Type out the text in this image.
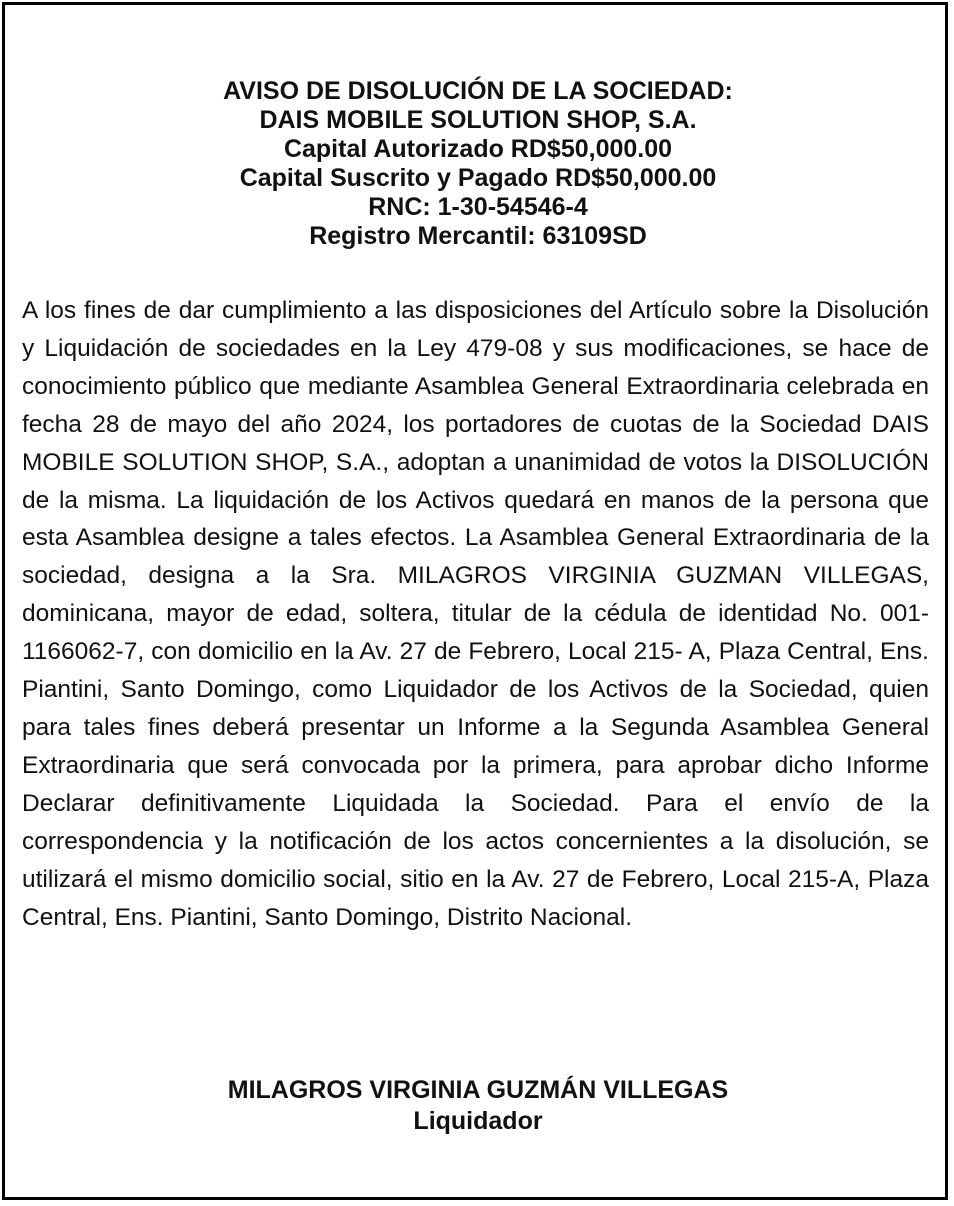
AVISO DE DISOLUCIÓN DE LA SOCIEDAD:
DAIS MOBILE SOLUTION SHOP, S.A.
Capital Autorizado RD$50,000.00
Capital Suscrito y Pagado RD$50,000.00
RNC: 1-30-54546-4
Registro Mercantil: 63109SD

A los fines de dar cumplimiento a las disposiciones del Artículo sobre la Disolución y Liquidación de sociedades en la Ley 479-08 y sus modificaciones, se hace de conocimiento público que mediante Asamblea General Extraordinaria celebrada en fecha 28 de mayo del año 2024, los portadores de cuotas de la Sociedad DAIS MOBILE SOLUTION SHOP, S.A., adoptan a unanimidad de votos la DISOLUCIÓN de la misma. La liquidación de los Activos quedará en manos de la persona que esta Asamblea designe a tales efectos. La Asamblea General Extraordinaria de la sociedad, designa a la Sra. MILAGROS VIRGINIA GUZMAN VILLEGAS, dominicana, mayor de edad, soltera, titular de la cédula de identidad No. 001-1166062-7, con domicilio en la Av. 27 de Febrero, Local 215- A, Plaza Central, Ens. Piantini, Santo Domingo, como Liquidador de los Activos de la Sociedad, quien para tales fines deberá presentar un Informe a la Segunda Asamblea General Extraordinaria que será convocada por la primera, para aprobar dicho Informe Declarar definitivamente Liquidada la Sociedad. Para el envío de la correspondencia y la notificación de los actos concernientes a la disolución, se utilizará el mismo domicilio social, sitio en la Av. 27 de Febrero, Local 215-A, Plaza Central, Ens. Piantini, Santo Domingo, Distrito Nacional.

MILAGROS VIRGINIA GUZMÁN VILLEGAS
Liquidador
